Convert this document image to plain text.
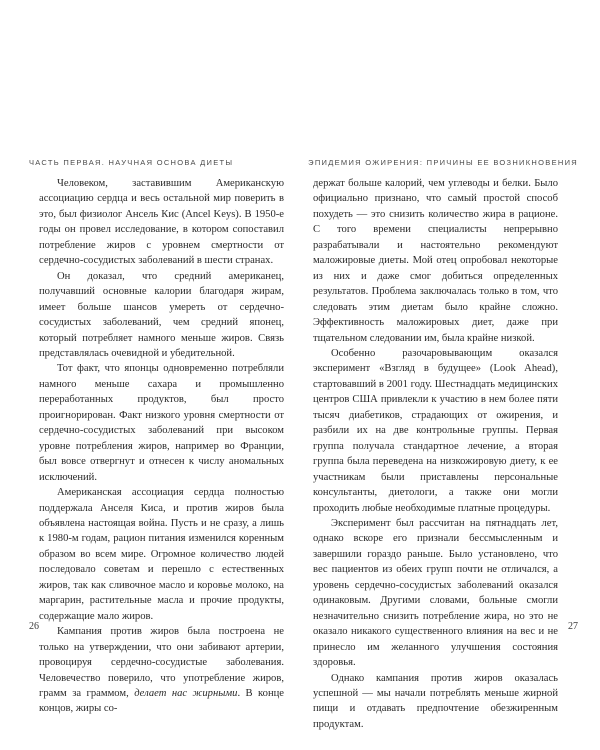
ЧАСТЬ ПЕРВАЯ. НАУЧНАЯ ОСНОВА ДИЕТЫ	ЭПИДЕМИЯ ОЖИРЕНИЯ: ПРИЧИНЫ ЕЕ ВОЗНИКНОВЕНИЯ

Человеком, заставившим Американскую ассоциацию сердца и весь остальной мир поверить в это, был физиолог Ансель Кис (Ancel Keys). В 1950-е годы он провел исследование, в котором сопоставил потребление жиров с уровнем смертности от сердечно-сосудистых заболеваний в шести странах.

Он доказал, что средний американец, получавший основные калории благодаря жирам, имеет больше шансов умереть от сердечно-сосудистых заболеваний, чем средний японец, который потребляет намного меньше жиров. Связь представлялась очевидной и убедительной.

Тот факт, что японцы одновременно потребляли намного меньше сахара и промышленно переработанных продуктов, был просто проигнорирован. Факт низкого уровня смертности от сердечно-сосудистых заболеваний при высоком уровне потребления жиров, например во Франции, был вовсе отвергнут и отнесен к числу аномальных исключений.

Американская ассоциация сердца полностью поддержала Анселя Киса, и против жиров была объявлена настоящая война. Пусть и не сразу, а лишь к 1980-м годам, рацион питания изменился коренным образом во всем мире. Огромное количество людей последовало советам и перешло с естественных жиров, так как сливочное масло и коровье молоко, на маргарин, растительные масла и прочие продукты, содержащие мало жиров.

Кампания против жиров была построена не только на утверждении, что они забивают артерии, провоцируя сердечно-сосудистые заболевания. Человечество поверило, что употребление жиров, грамм за граммом, делает нас жирными. В конце концов, жиры со-

держат больше калорий, чем углеводы и белки. Было официально признано, что самый простой способ похудеть — это снизить количество жира в рационе. С того времени специалисты непрерывно разрабатывали и настоятельно рекомендуют маложировые диеты. Мой отец опробовал некоторые из них и даже смог добиться определенных результатов. Проблема заключалась только в том, что следовать этим диетам было крайне сложно. Эффективность маложировых диет, даже при тщательном следовании им, была крайне низкой.

Особенно разочаровывающим оказался эксперимент «Взгляд в будущее» (Look Ahead), стартовавший в 2001 году. Шестнадцать медицинских центров США привлекли к участию в нем более пяти тысяч диабетиков, страдающих от ожирения, и разбили их на две контрольные группы. Первая группа получала стандартное лечение, а вторая группа была переведена на низкожировую диету, к ее участникам были приставлены персональные консультанты, диетологи, а также они могли проходить любые необходимые платные процедуры.

Эксперимент был рассчитан на пятнадцать лет, однако вскоре его признали бессмысленным и завершили гораздо раньше. Было установлено, что вес пациентов из обеих групп почти не отличался, а уровень сердечно-сосудистых заболеваний оказался одинаковым. Другими словами, больные смогли незначительно снизить потребление жира, но это не оказало никакого существенного влияния на вес и не принесло им желанного улучшения состояния здоровья.

Однако кампания против жиров оказалась успешной — мы начали потреблять меньше жирной пищи и отдавать предпочтение обезжиренным продуктам.

26	27
